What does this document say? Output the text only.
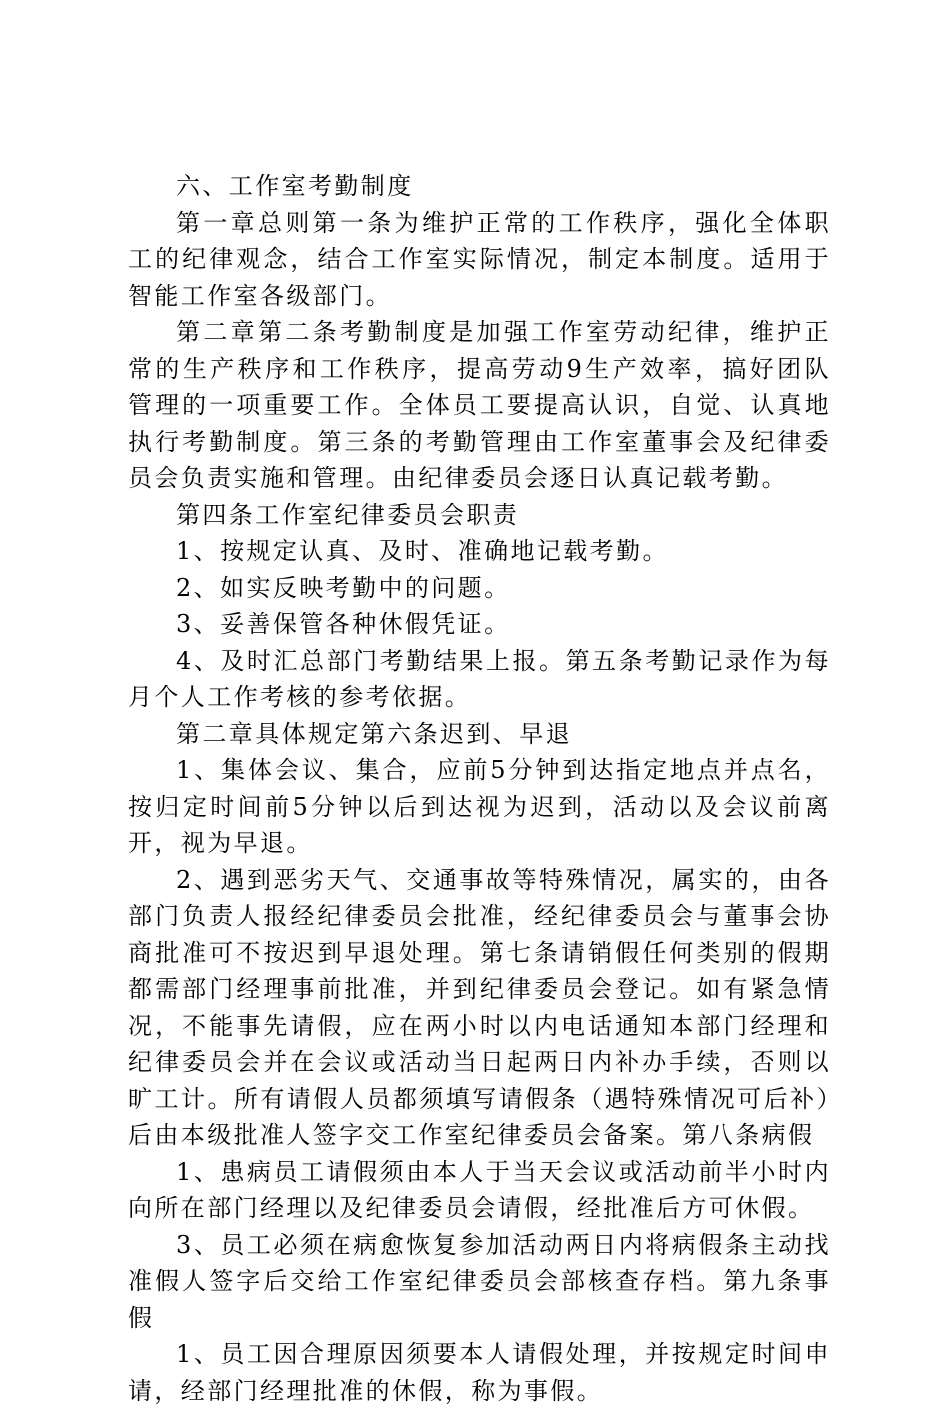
六、工作室考勤制度

第一章总则第一条为维护正常的工作秩序，强化全体职工的纪律观念，结合工作室实际情况，制定本制度。适用于智能工作室各级部门。

第二章第二条考勤制度是加强工作室劳动纪律，维护正常的生产秩序和工作秩序，提高劳动9生产效率，搞好团队管理的一项重要工作。全体员工要提高认识，自觉、认真地执行考勤制度。第三条的考勤管理由工作室董事会及纪律委员会负责实施和管理。由纪律委员会逐日认真记载考勤。

第四条工作室纪律委员会职责

1、按规定认真、及时、准确地记载考勤。

2、如实反映考勤中的问题。

3、妥善保管各种休假凭证。

4、及时汇总部门考勤结果上报。第五条考勤记录作为每月个人工作考核的参考依据。

第二章具体规定第六条迟到、早退

1、集体会议、集合，应前5分钟到达指定地点并点名，按归定时间前5分钟以后到达视为迟到，活动以及会议前离开，视为早退。

2、遇到恶劣天气、交通事故等特殊情况，属实的，由各部门负责人报经纪律委员会批准，经纪律委员会与董事会协商批准可不按迟到早退处理。第七条请销假任何类别的假期都需部门经理事前批准，并到纪律委员会登记。如有紧急情况，不能事先请假，应在两小时以内电话通知本部门经理和纪律委员会并在会议或活动当日起两日内补办手续，否则以旷工计。所有请假人员都须填写请假条（遇特殊情况可后补）后由本级批准人签字交工作室纪律委员会备案。第八条病假

1、患病员工请假须由本人于当天会议或活动前半小时内向所在部门经理以及纪律委员会请假，经批准后方可休假。

3、员工必须在病愈恢复参加活动两日内将病假条主动找准假人签字后交给工作室纪律委员会部核查存档。第九条事假

1、员工因合理原因须要本人请假处理，并按规定时间申请，经部门经理批准的休假，称为事假。
